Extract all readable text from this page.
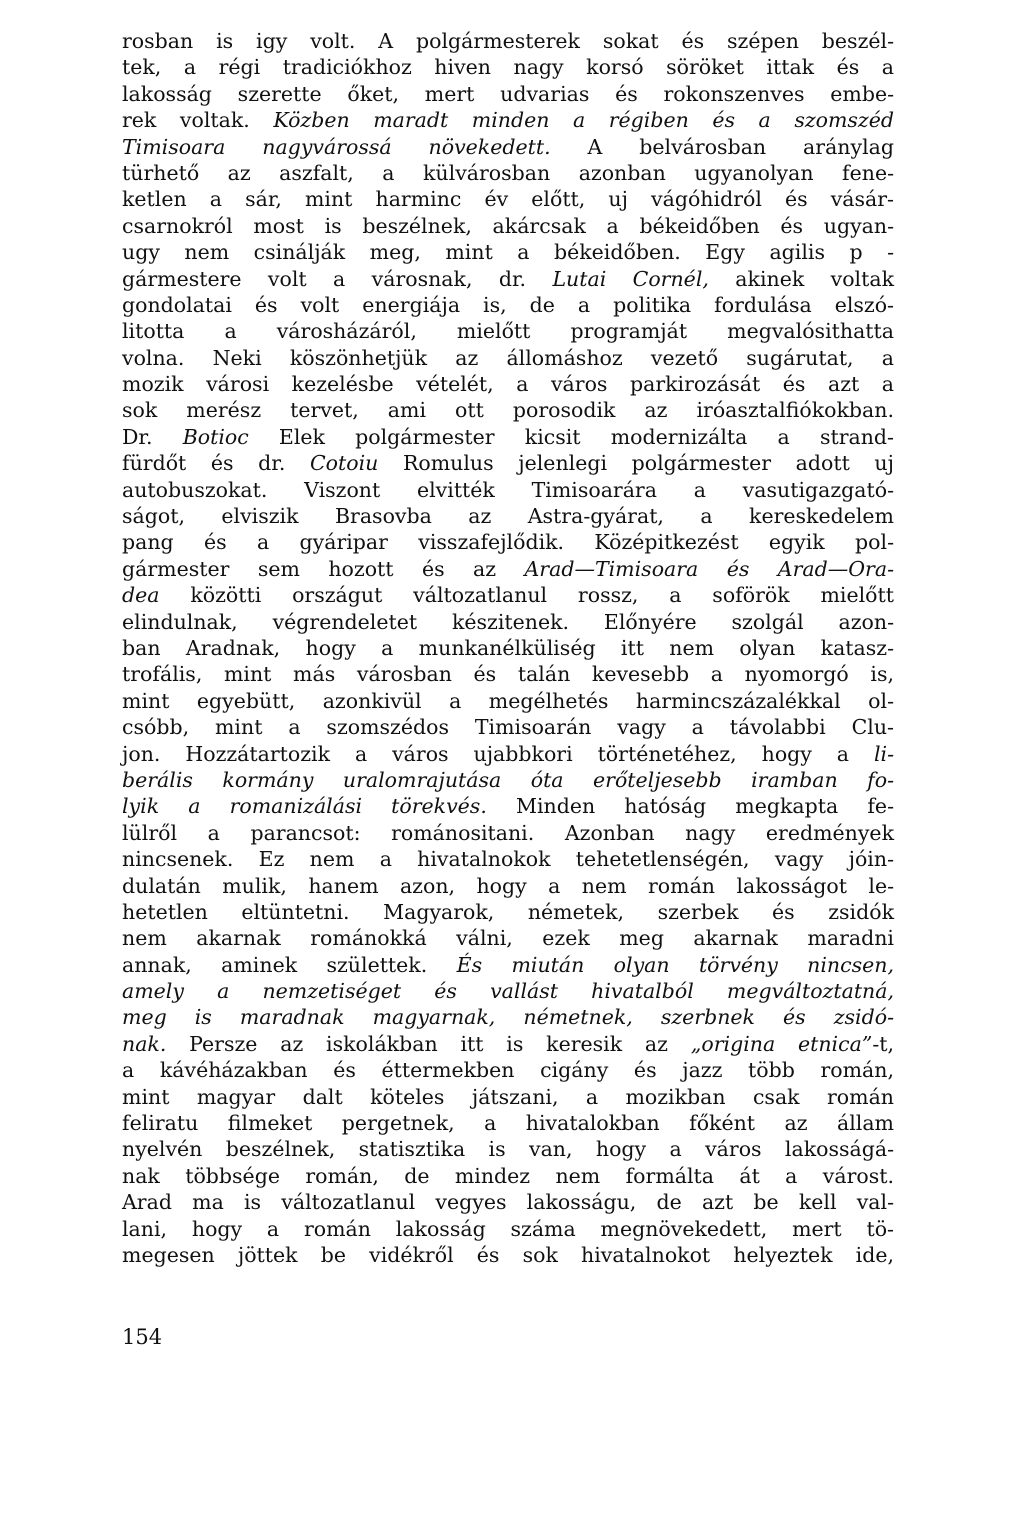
rosban is igy volt. A polgármesterek sokat és szépen beszél-
tek, a régi tradiciókhoz hiven nagy korsó söröket ittak és a
lakosság szerette őket, mert udvarias és rokonszenves embe-
rek voltak. Közben maradt minden a régiben és a szomszéd
Timisoara nagyvárossá növekedett. A belvárosban aránylag
türhető az aszfalt, a külvárosban azonban ugyanolyan fene-
ketlen a sár, mint harminc év előtt, uj vágóhidról és vásár-
csarnokról most is beszélnek, akárcsak a békeidőben és ugyan-
ugy nem csinálják meg, mint a békeidőben. Egy agilis p -
gármestere volt a városnak, dr. Lutai Cornél, akinek voltak
gondolatai és volt energiája is, de a politika fordulása elszó-
litotta a városházáról, mielőtt programját megvalósithatta
volna. Neki köszönhetjük az állomáshoz vezető sugárutat, a
mozik városi kezelésbe vételét, a város parkirozását és azt a
sok merész tervet, ami ott porosodik az iróasztalfiókokban.
Dr. Botioc Elek polgármester kicsit modernizálta a strand-
fürdőt és dr. Cotoiu Romulus jelenlegi polgármester adott uj
autobuszokat. Viszont elvitték Timisoarára a vasutigazgató-
ságot, elviszik Brasovba az Astra-gyárat, a kereskedelem
pang és a gyáripar visszafejlődik. Középitkezést egyik pol-
gármester sem hozott és az Arad—Timisoara és Arad—Ora-
dea közötti országut változatlanul rossz, a soförök mielőtt
elindulnak, végrendeletet készitenek. Előnyére szolgál azon-
ban Aradnak, hogy a munkanélküliség itt nem olyan katasz-
trofális, mint más városban és talán kevesebb a nyomorgó is,
mint egyebütt, azonkivül a megélhetés harmincszázalékkal ol-
csóbb, mint a szomszédos Timisoarán vagy a távolabbi Clu-
jon. Hozzátartozik a város ujabbkori történetéhez, hogy a li-
berális kormány uralomrajutása óta erőteljesebb iramban fo-
lyik a romanizálási törekvés. Minden hatóság megkapta fe-
lülről a parancsot: románositani. Azonban nagy eredmények
nincsenek. Ez nem a hivatalnokok tehetetlenségén, vagy jóin-
dulatán mulik, hanem azon, hogy a nem román lakosságot le-
hetetlen eltüntetni. Magyarok, németek, szerbek és zsidók
nem akarnak románokká válni, ezek meg akarnak maradni
annak, aminek születtek. És miután olyan törvény nincsen,
amely a nemzetiséget és vallást hivatalból megváltoztatná,
meg is maradnak magyarnak, németnek, szerbnek és zsidó-
nak. Persze az iskolákban itt is keresik az „origina etnica”-t,
a kávéházakban és éttermekben cigány és jazz több román,
mint magyar dalt köteles játszani, a mozikban csak román
feliratu filmeket pergetnek, a hivatalokban főként az állam
nyelvén beszélnek, statisztika is van, hogy a város lakosságá-
nak többsége román, de mindez nem formálta át a várost.
Arad ma is változatlanul vegyes lakosságu, de azt be kell val-
lani, hogy a román lakosság száma megnövekedett, mert tö-
megesen jöttek be vidékről és sok hivatalnokot helyeztek ide,
154
